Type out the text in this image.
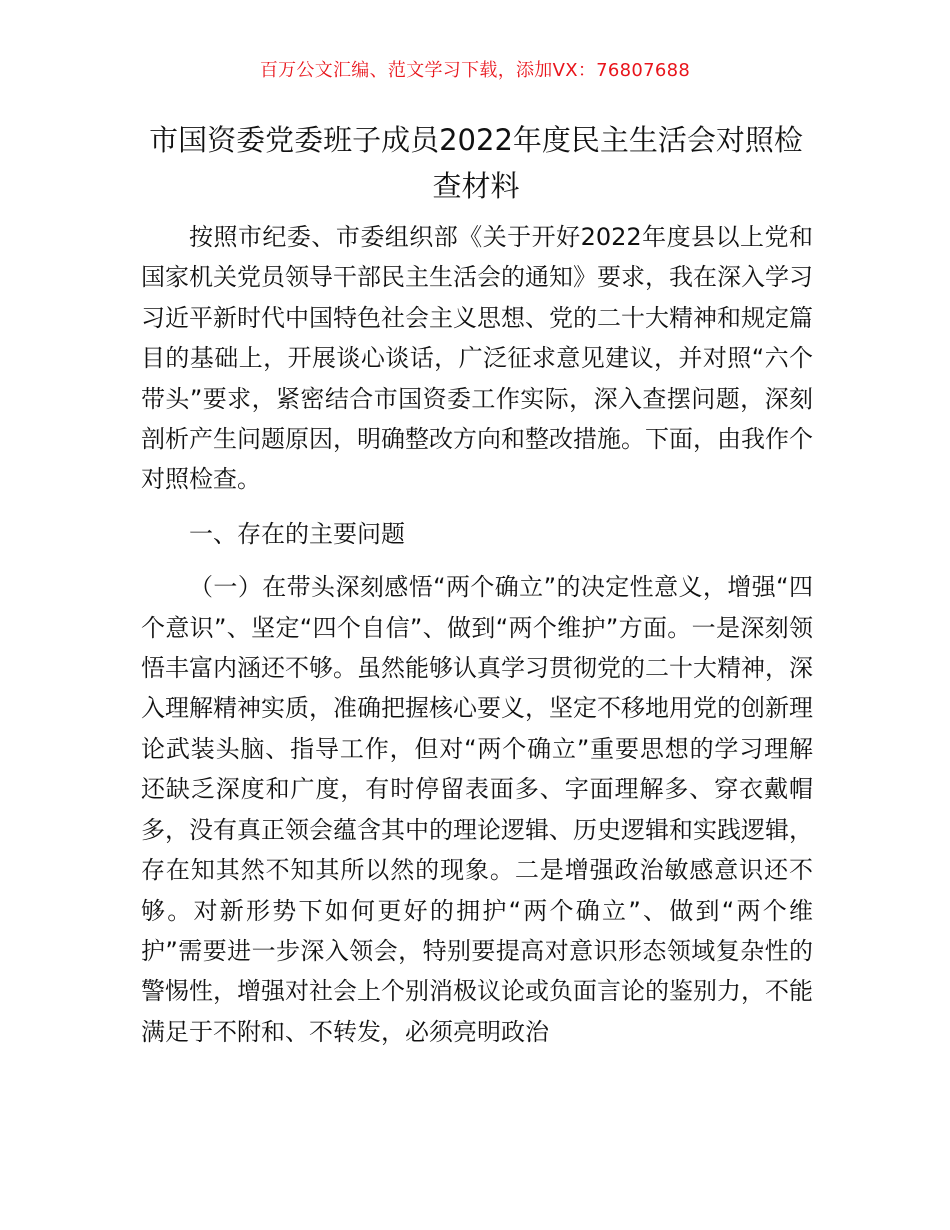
百万公文汇编、范文学习下载，添加VX：76807688
市国资委党委班子成员2022年度民主生活会对照检查材料

按照市纪委、市委组织部《关于开好2022年度县以上党和国家机关党员领导干部民主生活会的通知》要求，我在深入学习习近平新时代中国特色社会主义思想、党的二十大精神和规定篇目的基础上，开展谈心谈话，广泛征求意见建议，并对照“六个带头”要求，紧密结合市国资委工作实际，深入查摆问题，深刻剖析产生问题原因，明确整改方向和整改措施。下面，由我作个对照检查。

一、存在的主要问题

（一）在带头深刻感悟“两个确立”的决定性意义，增强“四个意识”、坚定“四个自信”、做到“两个维护”方面。一是深刻领悟丰富内涵还不够。虽然能够认真学习贯彻党的二十大精神，深入理解精神实质，准确把握核心要义，坚定不移地用党的创新理论武装头脑、指导工作，但对“两个确立”重要思想的学习理解还缺乏深度和广度，有时停留表面多、字面理解多、穿衣戴帽多，没有真正领会蕴含其中的理论逻辑、历史逻辑和实践逻辑，存在知其然不知其所以然的现象。二是增强政治敏感意识还不够。对新形势下如何更好的拥护“两个确立”、做到“两个维护”需要进一步深入领会，特别要提高对意识形态领域复杂性的警惕性，增强对社会上个别消极议论或负面言论的鉴别力，不能满足于不附和、不转发，必须亮明政治
